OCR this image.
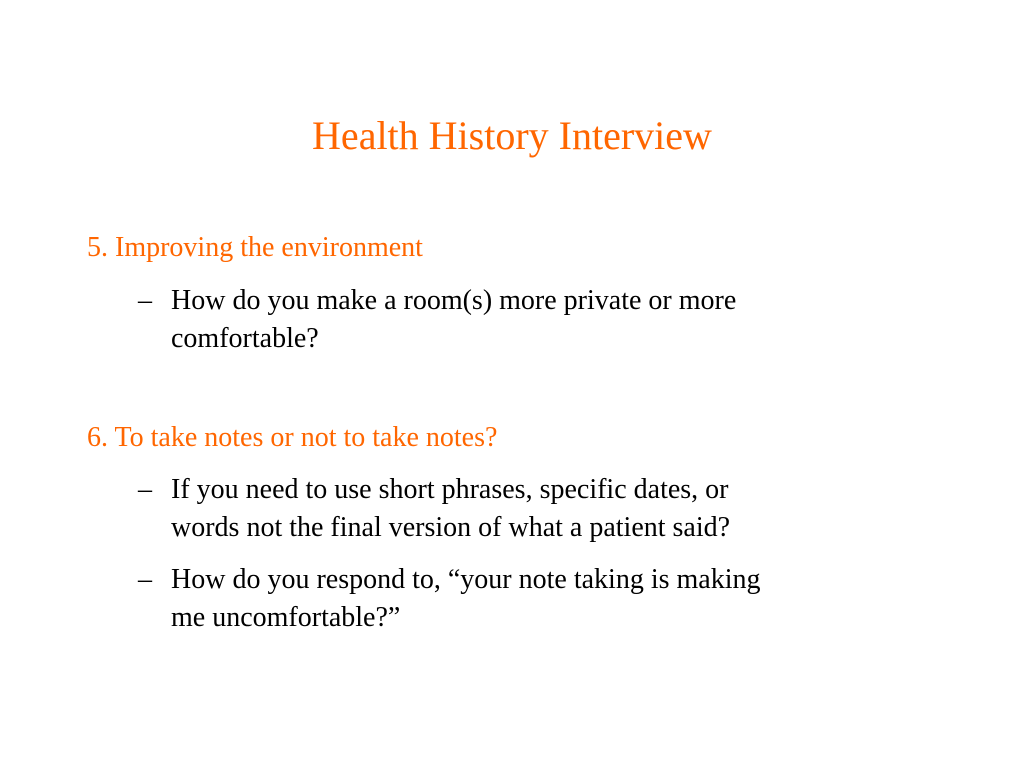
Health History Interview
5. Improving the environment
– How do you make a room(s) more private or more
comfortable?
6. To take notes or not to take notes?
– If you need to use short phrases, specific dates, or
words not the final version of what a patient said?
– How do you respond to, “your note taking is making
me uncomfortable?”
